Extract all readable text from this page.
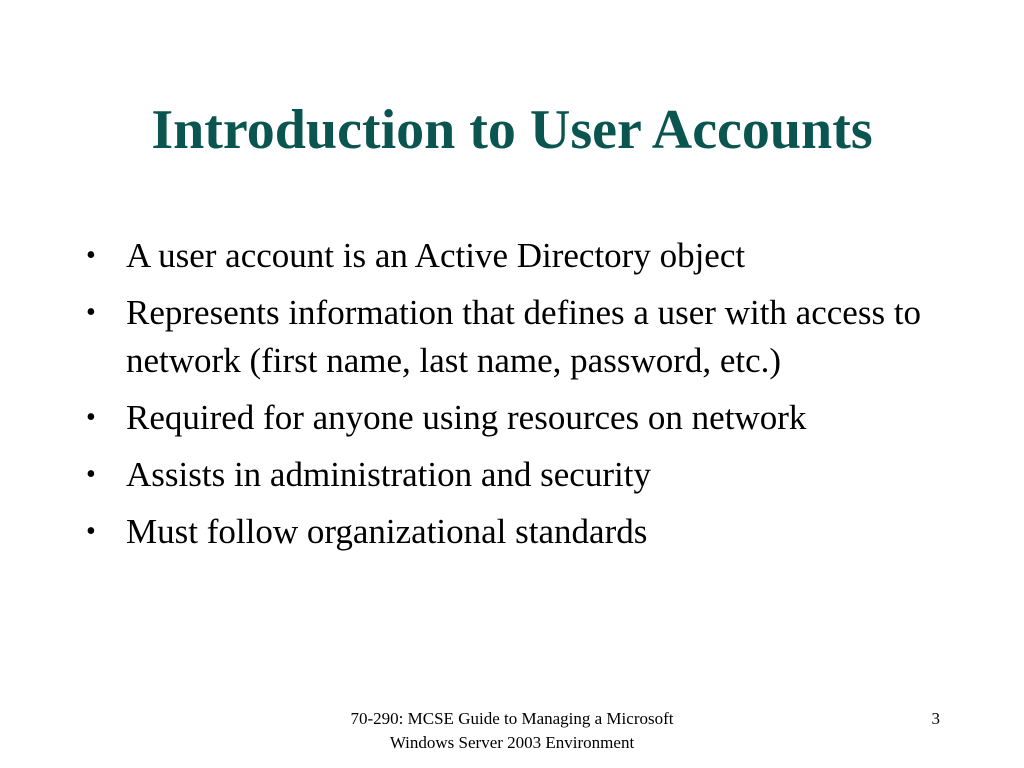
Introduction to User Accounts
• A user account is an Active Directory object
• Represents information that defines a user with access to network (first name, last name, password, etc.)
• Required for anyone using resources on network
• Assists in administration and security
• Must follow organizational standards
70-290: MCSE Guide to Managing a Microsoft
Windows Server 2003 Environment
3
